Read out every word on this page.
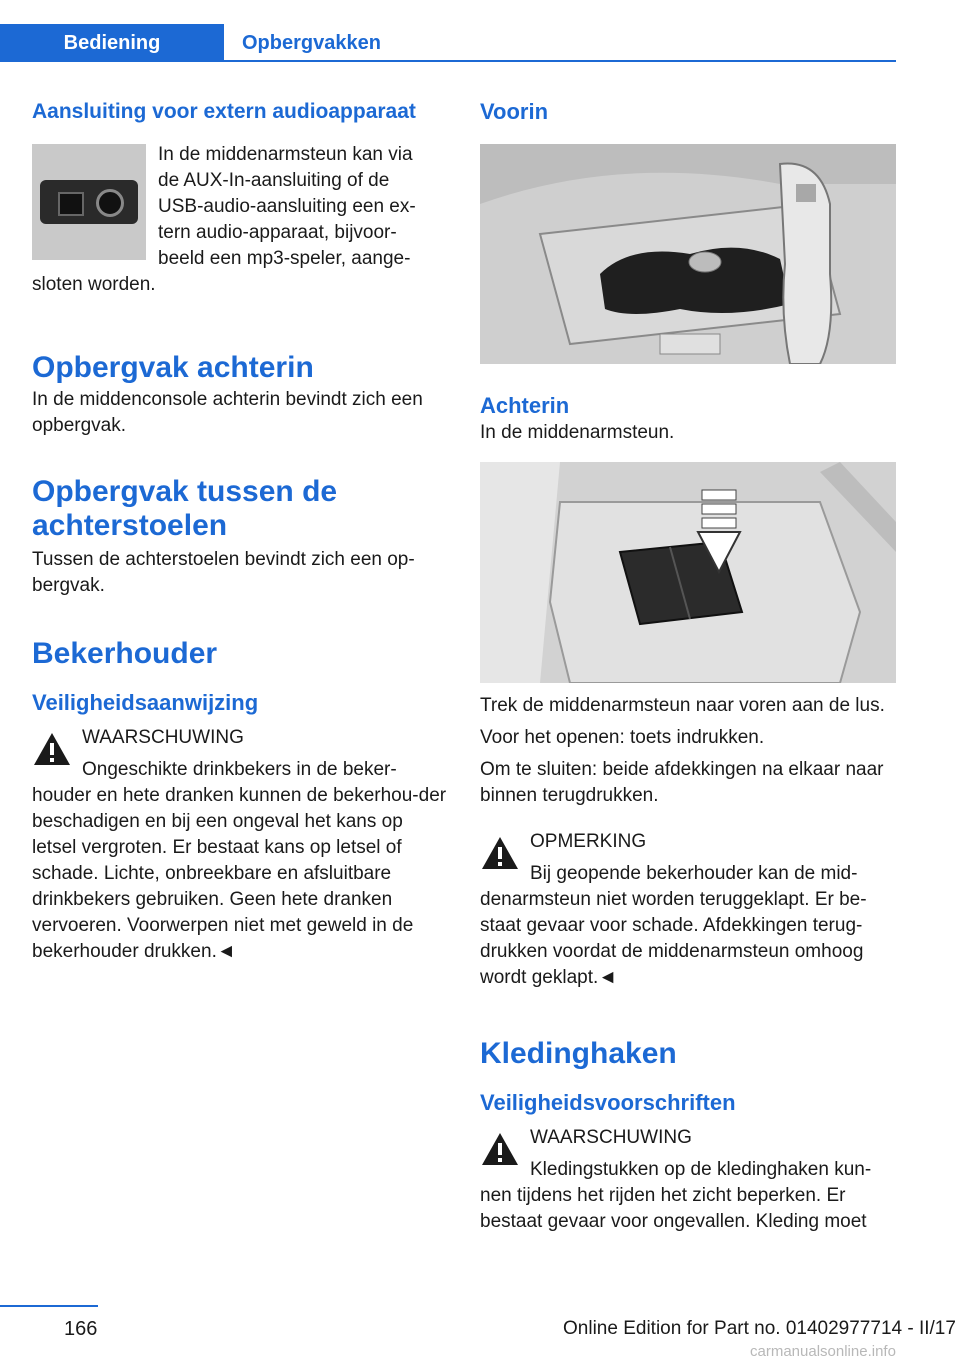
Bediening	Opbergvakken
Aansluiting voor extern audioapparaat

In de middenarmsteun kan via

de AUX-In-aansluiting of de

USB-audio-aansluiting een ex-

tern audio-apparaat, bijvoor-

beeld een mp3-speler, aange-

sloten worden.

Opbergvak achterin

In de middenconsole achterin bevindt zich een opbergvak.

Opbergvak tussen de achterstoelen

Tussen de achterstoelen bevindt zich een op-bergvak.

Bekerhouder
Veiligheidsaanwijzing

WAARSCHUWING

Ongeschikte drinkbekers in de beker-

houder en hete dranken kunnen de bekerhou-der beschadigen en bij een ongeval het kans op letsel vergroten. Er bestaat kans op letsel of schade. Lichte, onbreekbare en afsluitbare drinkbekers gebruiken. Geen hete dranken vervoeren. Voorwerpen niet met geweld in de bekerhouder drukken.◄

Voorin
Achterin

In de middenarmsteun.

Trek de middenarmsteun naar voren aan de lus.

Voor het openen: toets indrukken.

Om te sluiten: beide afdekkingen na elkaar naar binnen terugdrukken.

OPMERKING

Bij geopende bekerhouder kan de mid-

denarmsteun niet worden teruggeklapt. Er be-staat gevaar voor schade. Afdekkingen terug-drukken voordat de middenarmsteun omhoog wordt geklapt.◄

Kledinghaken
Veiligheidsvoorschriften

WAARSCHUWING

Kledingstukken op de kledinghaken kun-

nen tijdens het rijden het zicht beperken. Er bestaat gevaar voor ongevallen. Kleding moet

166	Online Edition for Part no. 01402977714 - II/17
carmanualsonline.info
